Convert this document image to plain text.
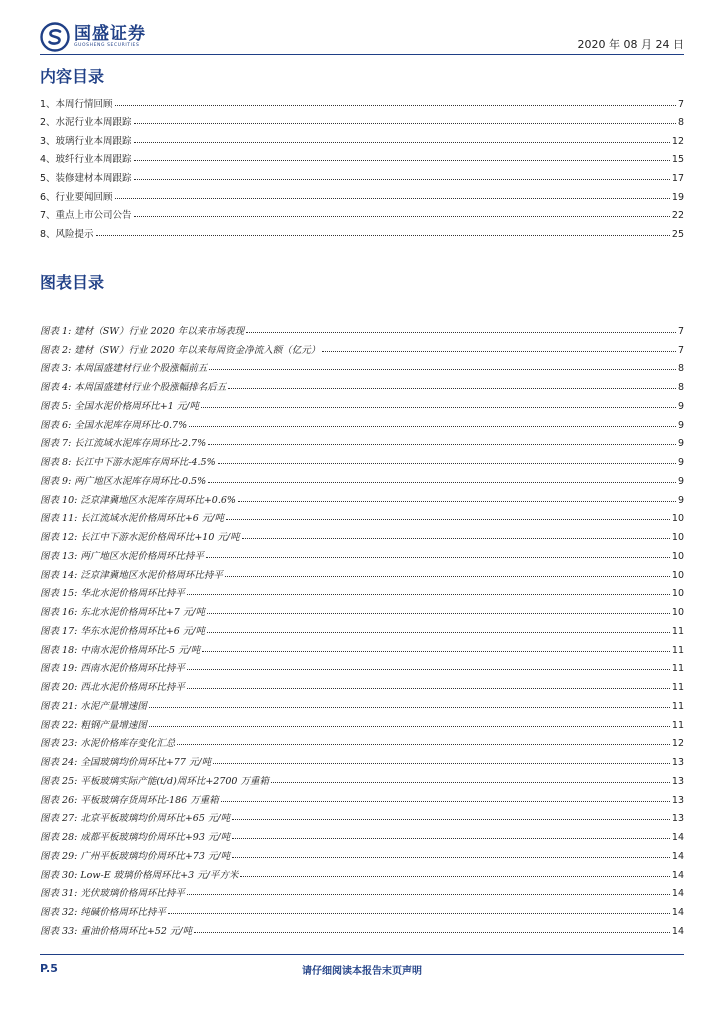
国盛证券
GUOSHENG SECURITIES	2020 年 08 月 24 日
内容目录
1、本周行情回顾	7
2、水泥行业本周跟踪	8
3、玻璃行业本周跟踪	12
4、玻纤行业本周跟踪	15
5、装修建材本周跟踪	17
6、行业要闻回顾	19
7、重点上市公司公告	22
8、风险提示	25
图表目录
图表 1: 建材（SW）行业 2020 年以来市场表现	7
图表 2: 建材（SW）行业 2020 年以来每周资金净流入额（亿元）	7
图表 3: 本周国盛建材行业个股涨幅前五	8
图表 4: 本周国盛建材行业个股涨幅排名后五	8
图表 5: 全国水泥价格周环比+1 元/吨	9
图表 6: 全国水泥库存周环比-0.7%	9
图表 7: 长江流域水泥库存周环比-2.7%	9
图表 8: 长江中下游水泥库存周环比-4.5%	9
图表 9: 两广地区水泥库存周环比-0.5%	9
图表 10: 泛京津冀地区水泥库存周环比+0.6%	9
图表 11: 长江流域水泥价格周环比+6 元/吨	10
图表 12: 长江中下游水泥价格周环比+10 元/吨	10
图表 13: 两广地区水泥价格周环比持平	10
图表 14: 泛京津冀地区水泥价格周环比持平	10
图表 15: 华北水泥价格周环比持平	10
图表 16: 东北水泥价格周环比+7 元/吨	10
图表 17: 华东水泥价格周环比+6 元/吨	11
图表 18: 中南水泥价格周环比-5 元/吨	11
图表 19: 西南水泥价格周环比持平	11
图表 20: 西北水泥价格周环比持平	11
图表 21: 水泥产量增速图	11
图表 22: 粗钢产量增速图	11
图表 23: 水泥价格库存变化汇总	12
图表 24: 全国玻璃均价周环比+77 元/吨	13
图表 25: 平板玻璃实际产能(t/d)周环比+2700 万重箱	13
图表 26: 平板玻璃存货周环比-186 万重箱	13
图表 27: 北京平板玻璃均价周环比+65 元/吨	13
图表 28: 成都平板玻璃均价周环比+93 元/吨	14
图表 29: 广州平板玻璃均价周环比+73 元/吨	14
图表 30: Low-E 玻璃价格周环比+3 元/平方米	14
图表 31: 光伏玻璃价格周环比持平	14
图表 32: 纯碱价格周环比持平	14
图表 33: 重油价格周环比+52 元/吨	14
P.5	请仔细阅读本报告末页声明
